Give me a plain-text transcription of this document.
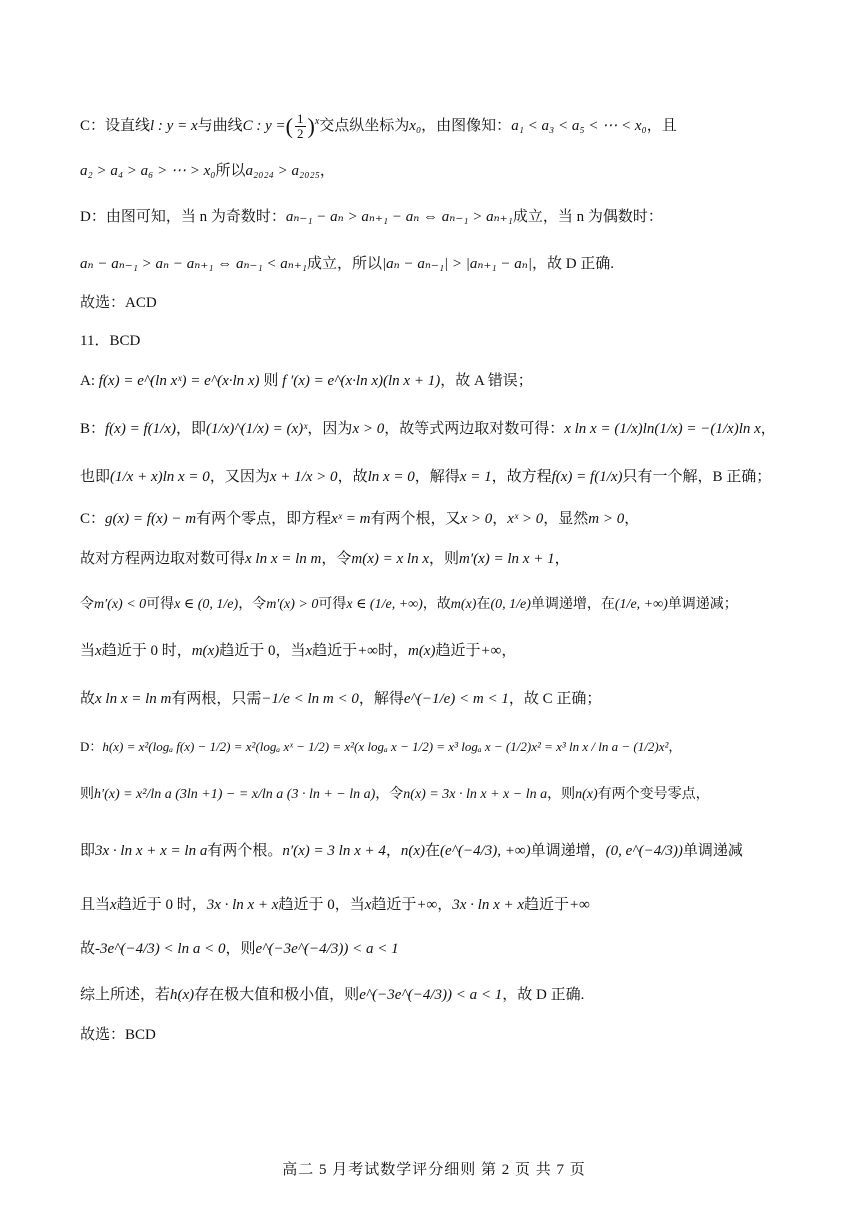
C：设直线l : y = x与曲线C : y =( $\frac{1}{2} )^x$交点纵坐标为x₀，由图像知：a₁ < a₃ < a₅ < ⋯ < x₀，且
a₂ > a₄ > a₆ > ⋯ > x₀所以a₂₀₂₄ > a₂₀₂₅，
D：由图可知，当 n 为奇数时：aₙ₋₁ − aₙ > aₙ₊₁ − aₙ ⇔ aₙ₋₁ > aₙ₊₁成立，当 n 为偶数时：
aₙ − aₙ₋₁ > aₙ − aₙ₊₁ ⇔ aₙ₋₁ < aₙ₊₁成立，所以|aₙ − aₙ₋₁| > |aₙ₊₁ − aₙ|，故 D 正确.
故选：ACD
11．BCD
A: f(x) = e^(ln xˣ) = e^(x·ln x) 则 f ′(x) = e^(x·ln x)(ln x + 1)，故 A 错误；
B：f(x) = f(1/x)，即(1/x)^(1/x) = (x)ˣ，因为x > 0，故等式两边取对数可得：x ln x = (1/x)ln(1/x) = −(1/x)ln x，
也即(1/x + x)ln x = 0，又因为x + 1/x > 0，故ln x = 0，解得x = 1，故方程f(x) = f(1/x)只有一个解，B 正确；
C：g(x) = f(x) − m有两个零点，即方程xˣ = m有两个根，又x > 0，xˣ > 0，显然m > 0，
故对方程两边取对数可得x ln x = ln m，令m(x) = x ln x，则m′(x) = ln x + 1，
令m′(x) < 0可得x ∈ (0, 1/e)，令m′(x) > 0可得x ∈ (1/e, +∞)，故m(x)在(0, 1/e)单调递增，在(1/e, +∞)单调递减；
当x趋近于 0 时，m(x)趋近于 0，当x趋近于+∞时，m(x)趋近于+∞，
故x ln x = ln m有两根，只需−1/e < ln m < 0，解得e^(−1/e) < m < 1，故 C 正确；
D：h(x) = x²(logₐ f(x) − 1/2) = x²(logₐ xˣ − 1/2) = x²(x logₐ x − 1/2) = x³ logₐ x − (1/2)x² = x³ ln x / ln a − (1/2)x²，
则h′(x) = x²/ln a (3ln +1) − = x/ln a (3 · ln + − ln a)，令n(x) = 3x · ln x + x − ln a，则n(x)有两个变号零点，
即3x · ln x + x = ln a有两个根。n′(x) = 3 ln x + 4，n(x)在(e^(−4/3), +∞)单调递增，(0, e^(−4/3))单调递减
且当x趋近于 0 时，3x · ln x + x趋近于 0，当x趋近于+∞，3x · ln x + x趋近于+∞
故-3e^(−4/3) < ln a < 0，则e^(−3e^(−4/3)) < a < 1
综上所述，若h(x)存在极大值和极小值，则e^(−3e^(−4/3)) < a < 1，故 D 正确.
故选：BCD
高二 5 月考试数学评分细则 第 2 页 共 7 页
